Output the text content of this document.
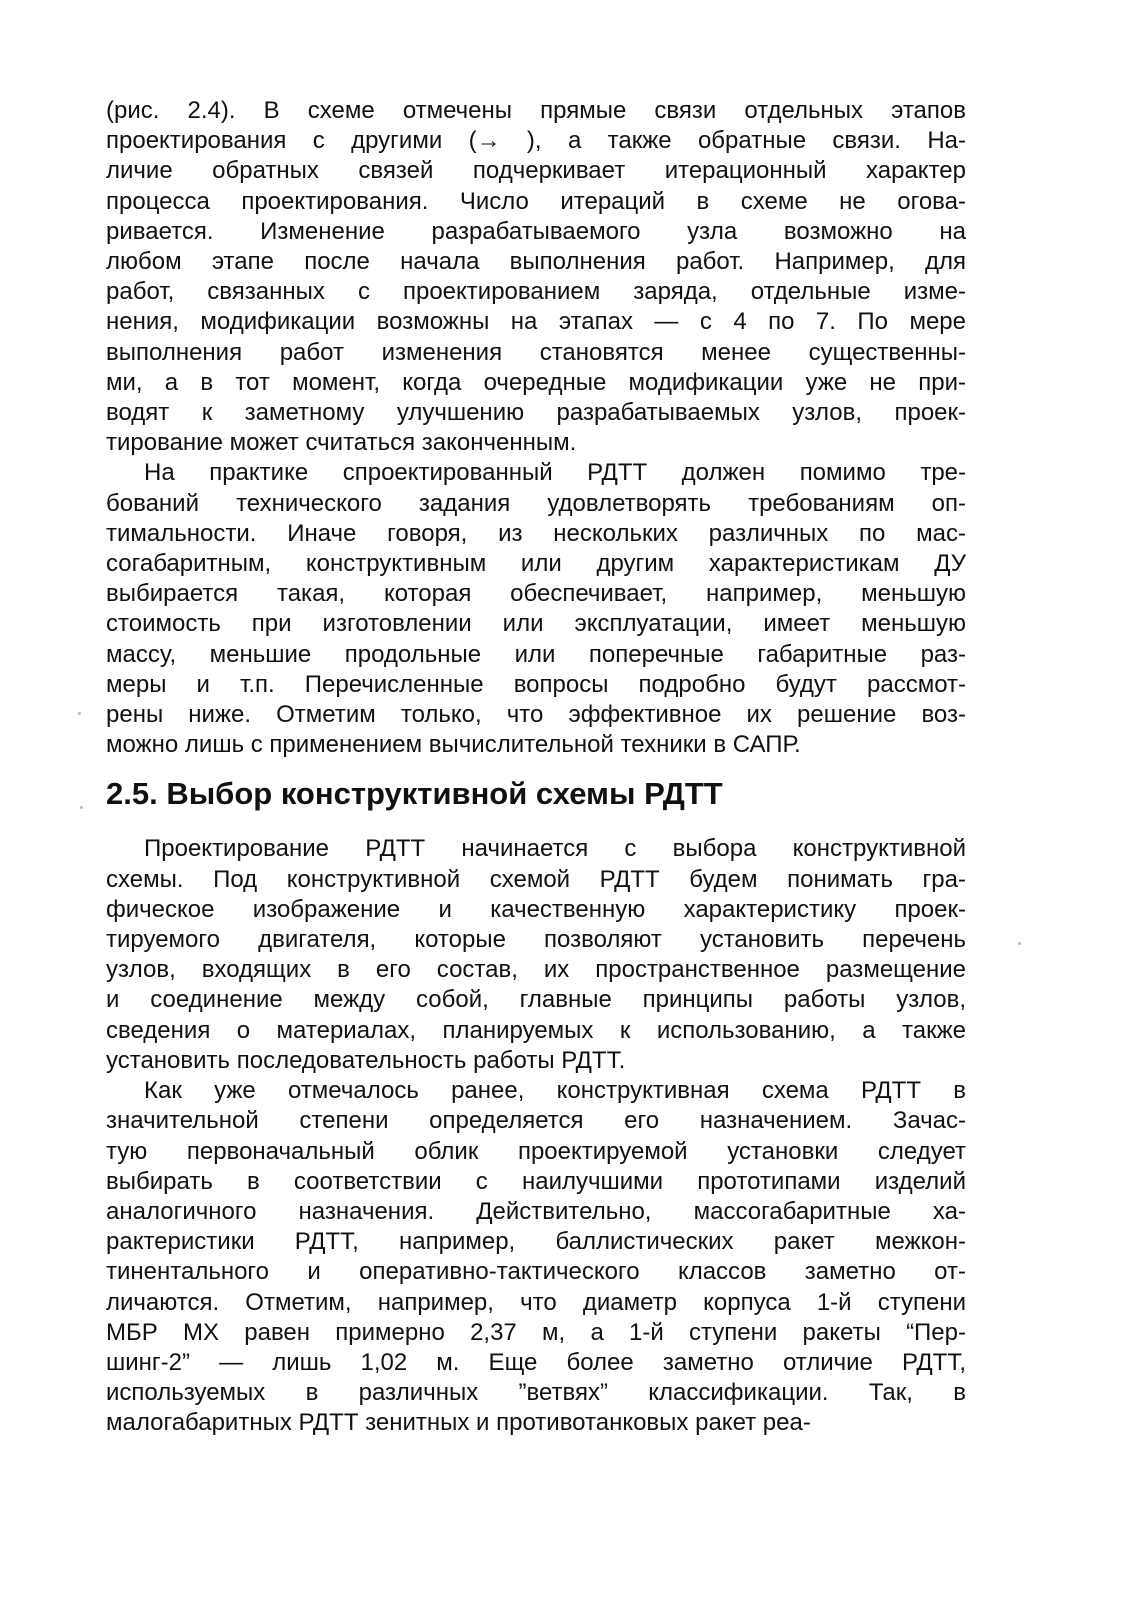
(рис. 2.4). В схеме отмечены прямые связи отдельных этапов
проектирования с другими (→ ), а также обратные связи. На-
личие обратных связей подчеркивает итерационный характер
процесса проектирования. Число итераций в схеме не огова-
ривается. Изменение разрабатываемого узла возможно на
любом этапе после начала выполнения работ. Например, для
работ, связанных с проектированием заряда, отдельные изме-
нения, модификации возможны на этапах — с 4 по 7. По мере
выполнения работ изменения становятся менее существенны-
ми, а в тот момент, когда очередные модификации уже не при-
водят к заметному улучшению разрабатываемых узлов, проек-
тирование может считаться законченным.

На практике спроектированный РДТТ должен помимо тре-
бований технического задания удовлетворять требованиям оп-
тимальности. Иначе говоря, из нескольких различных по мас-
согабаритным, конструктивным или другим характеристикам ДУ
выбирается такая, которая обеспечивает, например, меньшую
стоимость при изготовлении или эксплуатации, имеет меньшую
массу, меньшие продольные или поперечные габаритные раз-
меры и т.п. Перечисленные вопросы подробно будут рассмот-
рены ниже. Отметим только, что эффективное их решение воз-
можно лишь с применением вычислительной техники в САПР.

2.5. Выбор конструктивной схемы РДТТ

Проектирование РДТТ начинается с выбора конструктивной
схемы. Под конструктивной схемой РДТТ будем понимать гра-
фическое изображение и качественную характеристику проек-
тируемого двигателя, которые позволяют установить перечень
узлов, входящих в его состав, их пространственное размещение
и соединение между собой, главные принципы работы узлов,
сведения о материалах, планируемых к использованию, а также
установить последовательность работы РДТТ.

Как уже отмечалось ранее, конструктивная схема РДТТ в
значительной степени определяется его назначением. Зачас-
тую первоначальный облик проектируемой установки следует
выбирать в соответствии с наилучшими прототипами изделий
аналогичного назначения. Действительно, массогабаритные ха-
рактеристики РДТТ, например, баллистических ракет межкон-
тинентального и оперативно-тактического классов заметно от-
личаются. Отметим, например, что диаметр корпуса 1-й ступени
МБР МХ равен примерно 2,37 м, а 1-й ступени ракеты “Пер-
шинг-2” — лишь 1,02 м. Еще более заметно отличие РДТТ,
используемых в различных ”ветвях” классификации. Так, в
малогабаритных РДТТ зенитных и противотанковых ракет реа-
